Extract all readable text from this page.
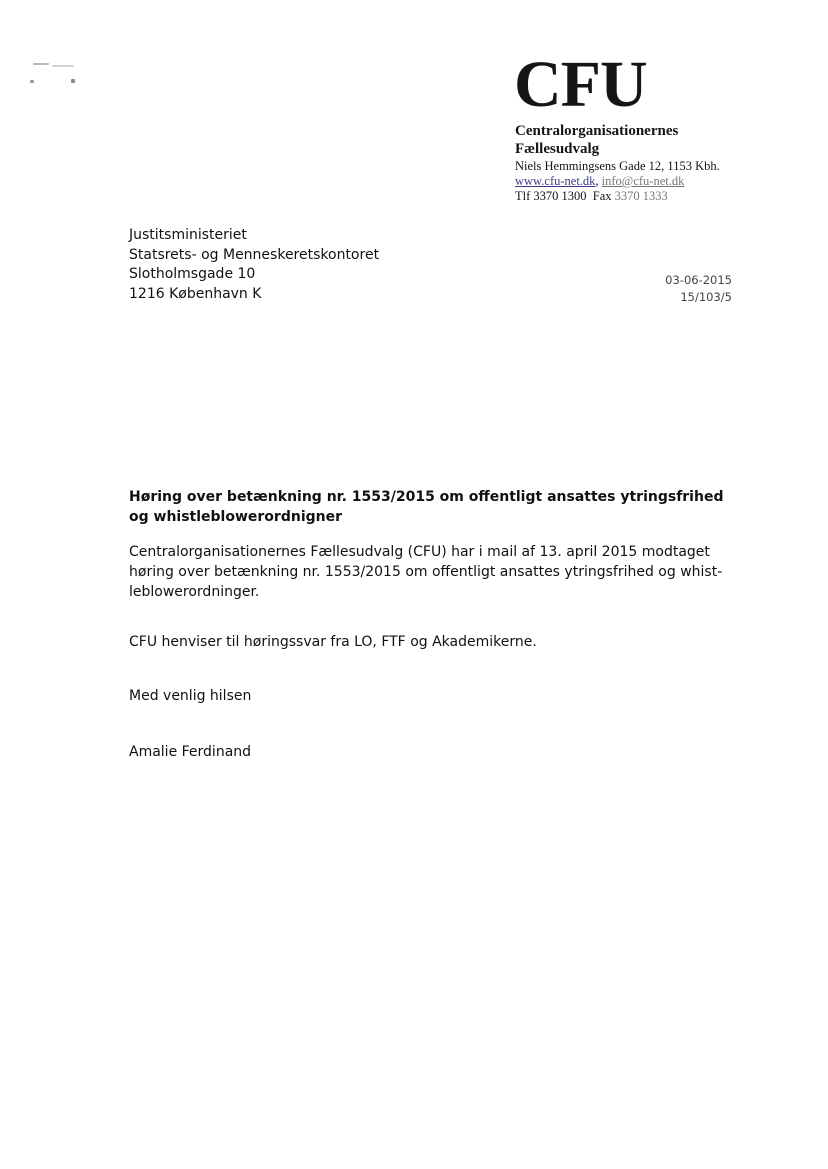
CFU
Centralorganisationernes
Fællesudvalg
Niels Hemmingsens Gade 12, 1153 Kbh.
www.cfu-net.dk, info@cfu-net.dk
Tlf 3370 1300 Fax 3370 1333
Justitsministeriet
Statsrets- og Menneskeretskontoret
Slotholmsgade 10
1216 København K
03-06-2015
15/103/5
Høring over betænkning nr. 1553/2015 om offentligt ansattes ytringsfrihed
og whistleblowerordnigner
Centralorganisationernes Fællesudvalg (CFU) har i mail af 13. april 2015 modtaget
høring over betænkning nr. 1553/2015 om offentligt ansattes ytringsfrihed og whist-
leblowerordninger.
CFU henviser til høringssvar fra LO, FTF og Akademikerne.
Med venlig hilsen
Amalie Ferdinand
